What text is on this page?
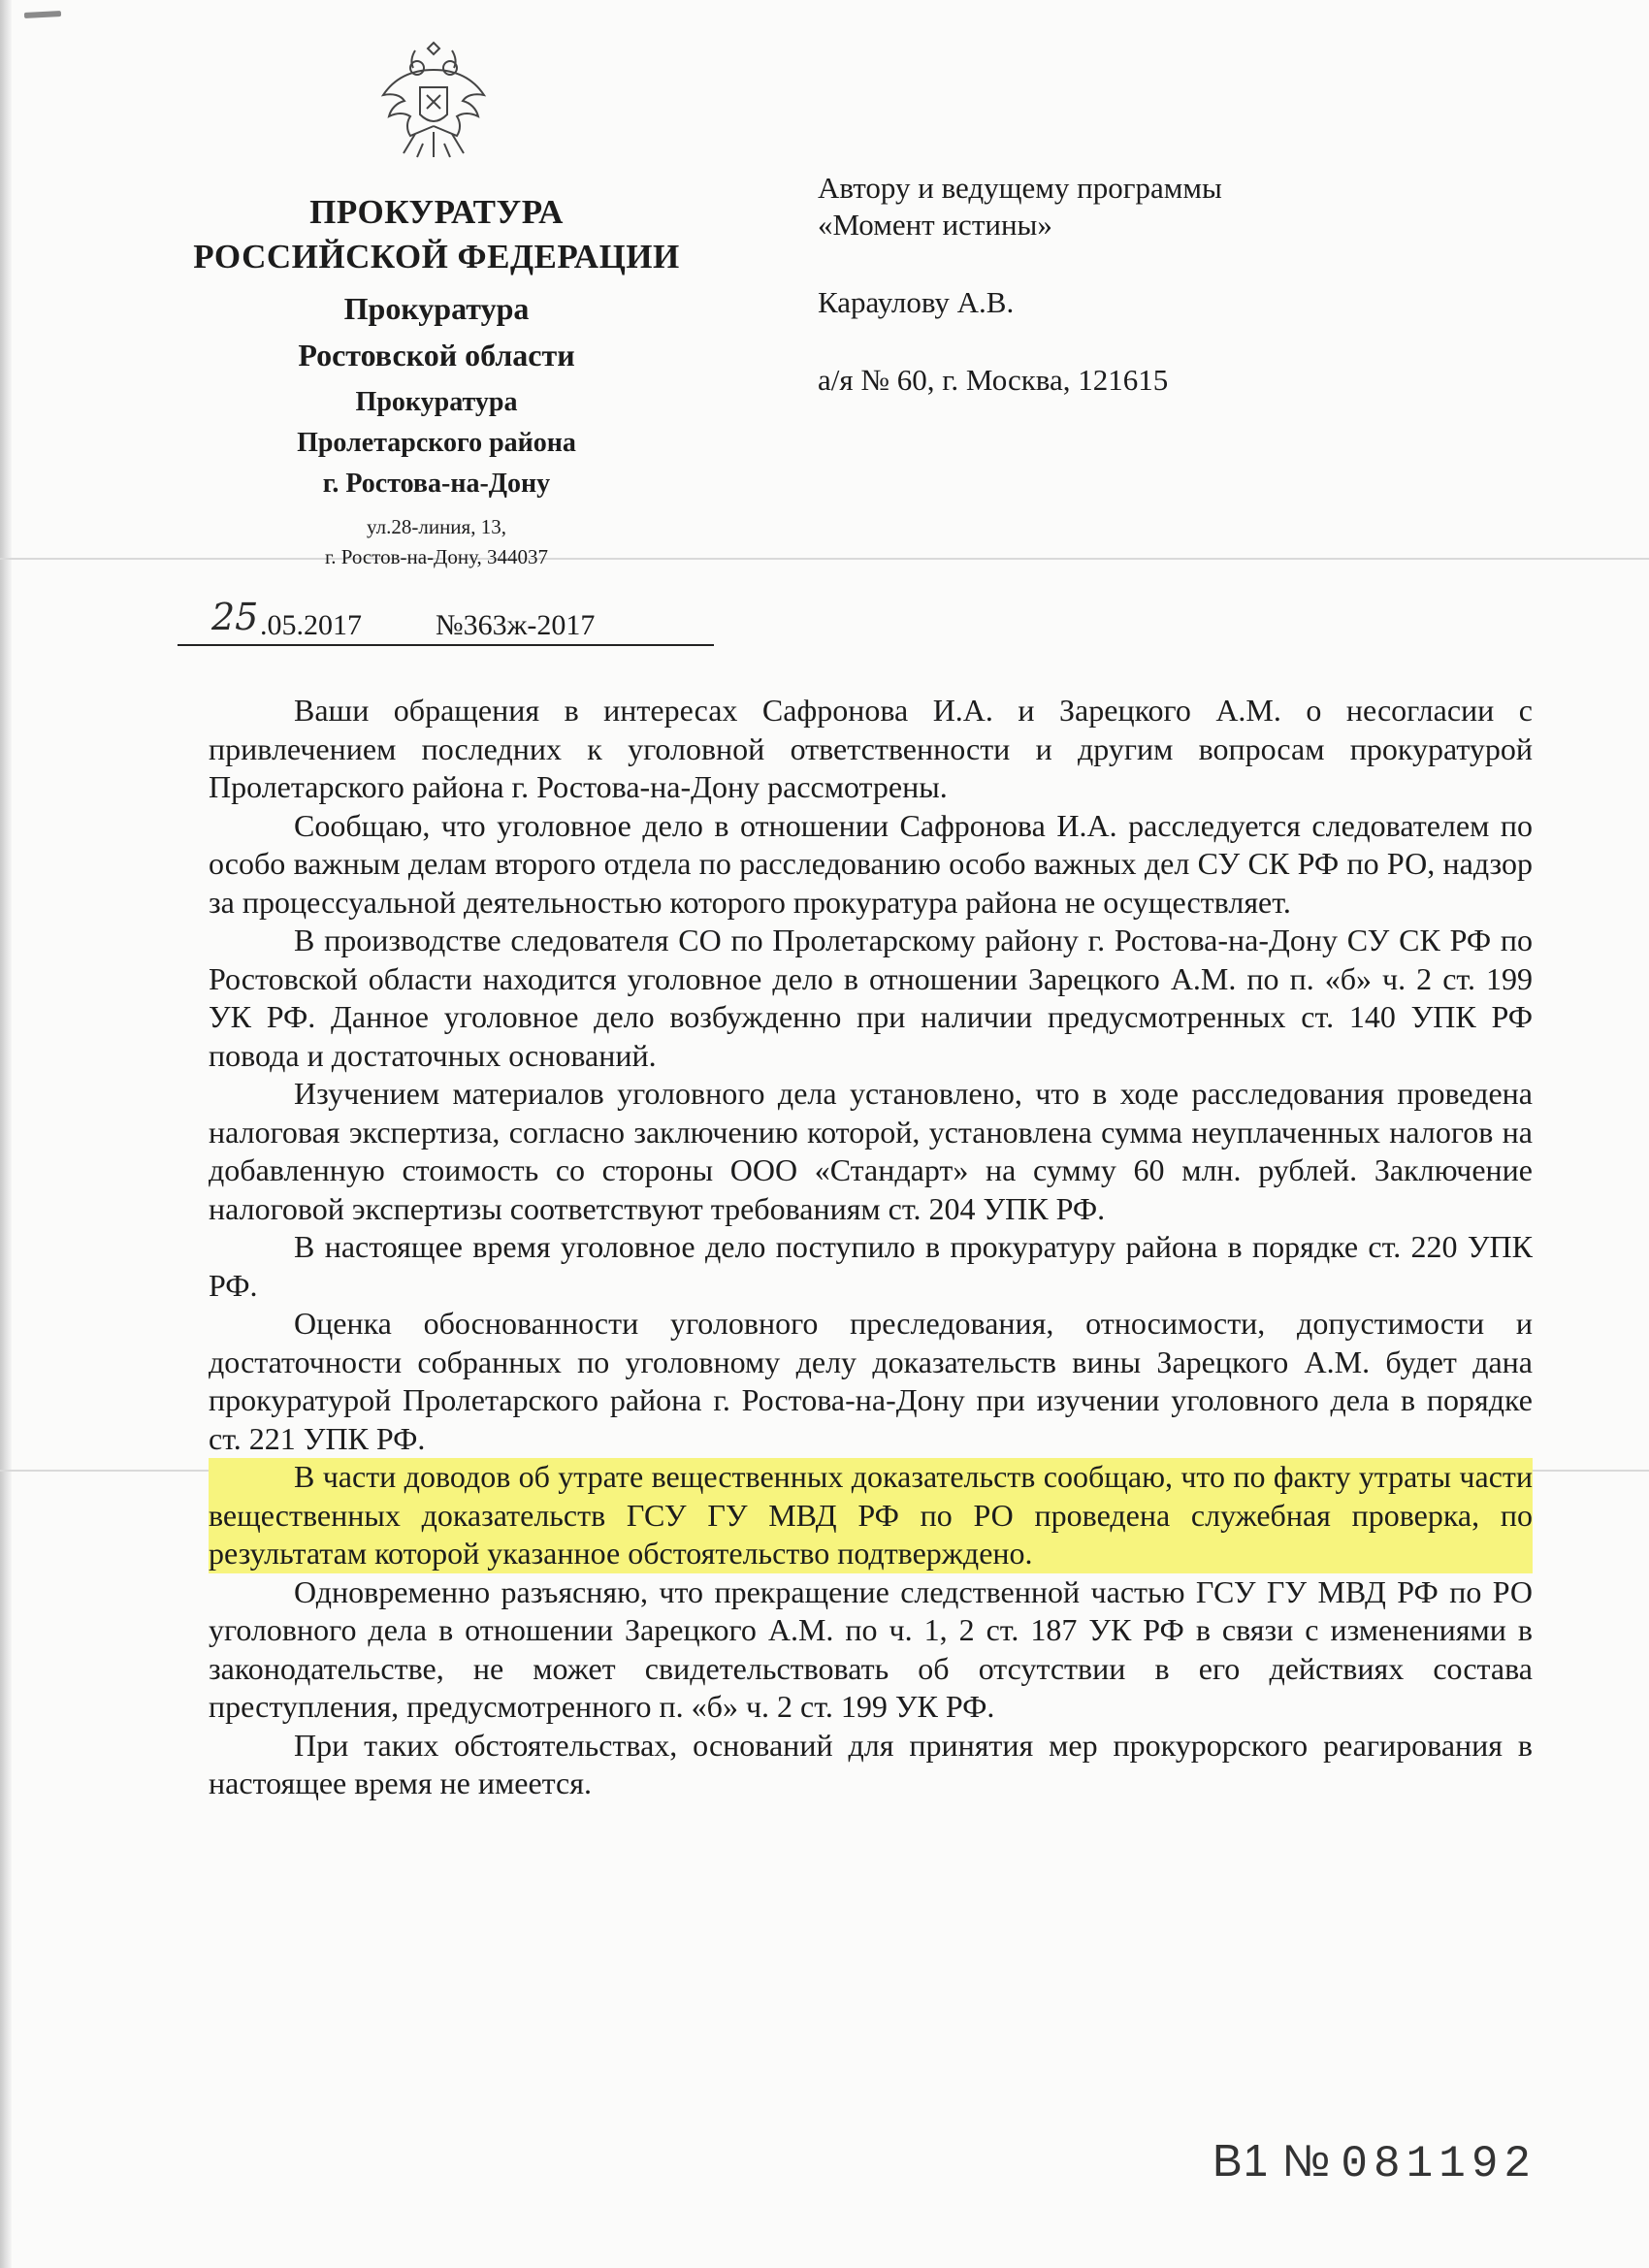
ПРОКУРАТУРА
РОССИЙСКОЙ ФЕДЕРАЦИИ
Прокуратура
Ростовской области
Прокуратура
Пролетарского района
г. Ростова-на-Дону
ул.28-линия, 13,
г. Ростов-на-Дону, 344037
Автору и ведущему программы
«Момент истины»
Караулову А.В.
а/я № 60, г. Москва, 121615
25 .05.2017	№363ж-2017

Ваши обращения в интересах Сафронова И.А. и Зарецкого А.М. о несогласии с привлечением последних к уголовной ответственности и другим вопросам прокуратурой Пролетарского района г. Ростова-на-Дону рассмотрены.

Сообщаю, что уголовное дело в отношении Сафронова И.А. расследуется следователем по особо важным делам второго отдела по расследованию особо важных дел СУ СК РФ по РО, надзор за процессуальной деятельностью которого прокуратура района не осуществляет.

В производстве следователя СО по Пролетарскому району г. Ростова-на-Дону СУ СК РФ по Ростовской области находится уголовное дело в отношении Зарецкого А.М. по п. «б» ч. 2 ст. 199 УК РФ. Данное уголовное дело возбужденно при наличии предусмотренных ст. 140 УПК РФ повода и достаточных оснований.

Изучением материалов уголовного дела установлено, что в ходе расследования проведена налоговая экспертиза, согласно заключению которой, установлена сумма неуплаченных налогов на добавленную стоимость со стороны ООО «Стандарт» на сумму 60 млн. рублей. Заключение налоговой экспертизы соответствуют требованиям ст. 204 УПК РФ.

В настоящее время уголовное дело поступило в прокуратуру района в порядке ст. 220 УПК РФ.

Оценка обоснованности уголовного преследования, относимости, допустимости и достаточности собранных по уголовному делу доказательств вины Зарецкого А.М. будет дана прокуратурой Пролетарского района г. Ростова-на-Дону при изучении уголовного дела в порядке ст. 221 УПК РФ.

В части доводов об утрате вещественных доказательств сообщаю, что по факту утраты части вещественных доказательств ГСУ ГУ МВД РФ по РО проведена служебная проверка, по результатам которой указанное обстоятельство подтверждено.

Одновременно разъясняю, что прекращение следственной частью ГСУ ГУ МВД РФ по РО уголовного дела в отношении Зарецкого А.М. по ч. 1, 2 ст. 187 УК РФ в связи с изменениями в законодательстве, не может свидетельствовать об отсутствии в его действиях состава преступления, предусмотренного п. «б» ч. 2 ст. 199 УК РФ.

При таких обстоятельствах, оснований для принятия мер прокурорского реагирования в настоящее время не имеется.

B1 № 081192
